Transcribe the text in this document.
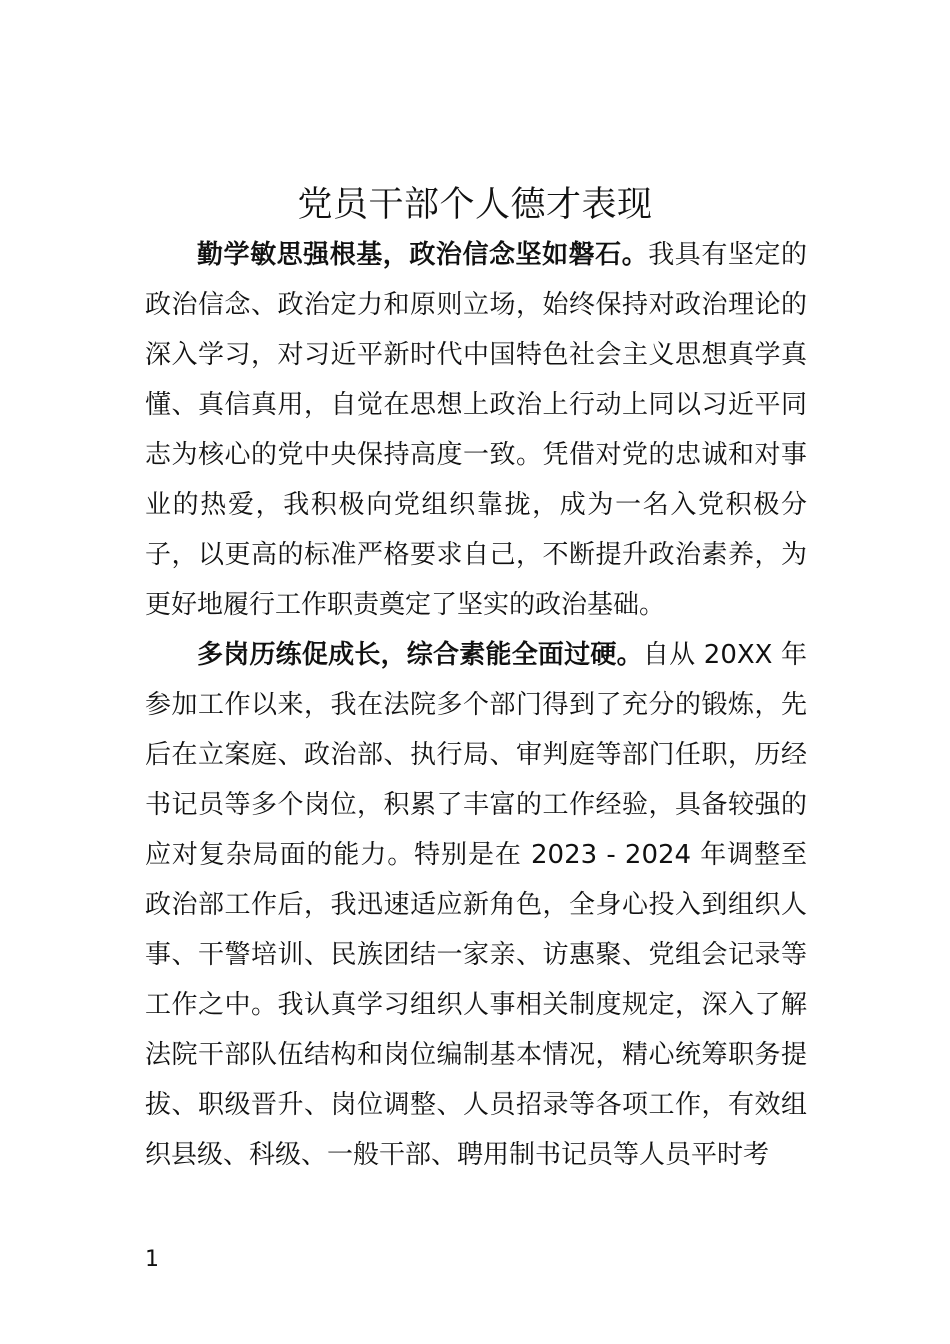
党员干部个人德才表现

勤学敏思强根基，政治信念坚如磐石。我具有坚定的政治信念、政治定力和原则立场，始终保持对政治理论的深入学习，对习近平新时代中国特色社会主义思想真学真懂、真信真用，自觉在思想上政治上行动上同以习近平同志为核心的党中央保持高度一致。凭借对党的忠诚和对事业的热爱，我积极向党组织靠拢，成为一名入党积极分子，以更高的标准严格要求自己，不断提升政治素养，为更好地履行工作职责奠定了坚实的政治基础。

多岗历练促成长，综合素能全面过硬。自从 20XX 年参加工作以来，我在法院多个部门得到了充分的锻炼，先后在立案庭、政治部、执行局、审判庭等部门任职，历经书记员等多个岗位，积累了丰富的工作经验，具备较强的应对复杂局面的能力。特别是在 2023 - 2024 年调整至政治部工作后，我迅速适应新角色，全身心投入到组织人事、干警培训、民族团结一家亲、访惠聚、党组会记录等工作之中。我认真学习组织人事相关制度规定，深入了解法院干部队伍结构和岗位编制基本情况，精心统筹职务提拔、职级晋升、岗位调整、人员招录等各项工作，有效组织县级、科级、一般干部、聘用制书记员等人员平时考

1
